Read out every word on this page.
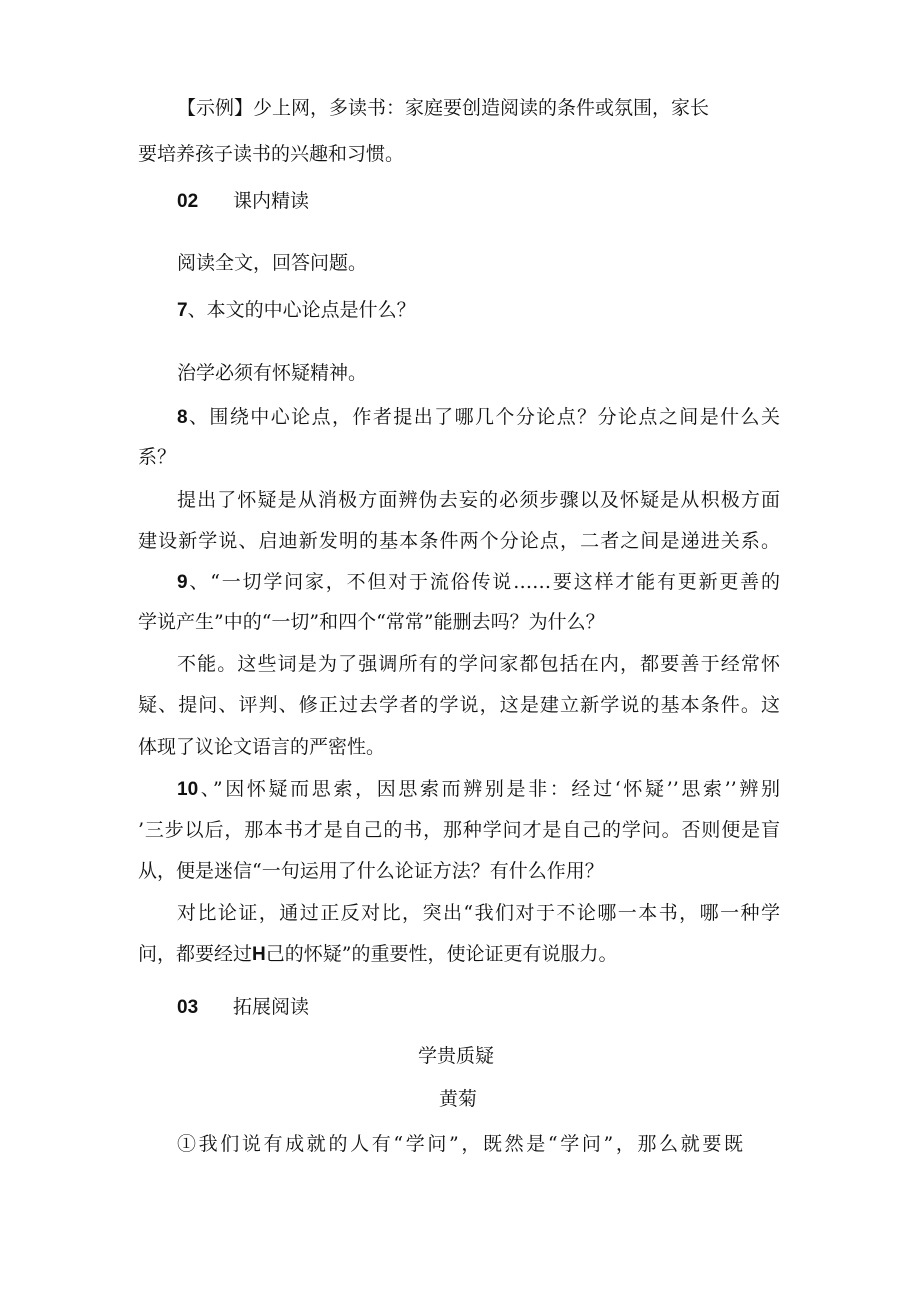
【示例】少上网，多读书：家庭要创造阅读的条件或氛围，家长
要培养孩子读书的兴趣和习惯。
02 课内精读
阅读全文，回答问题。
7、本文的中心论点是什么？
治学必须有怀疑精神。
8、围绕中心论点，作者提出了哪几个分论点？分论点之间是什么关
系？
提出了怀疑是从消极方面辨伪去妄的必须步骤以及怀疑是从枳极方面
建设新学说、启迪新发明的基本条件两个分论点，二者之间是递进关系。
9、“一切学问家，不但对于流俗传说……要这样才能有更新更善的
学说产生”中的“一切”和四个“常常”能删去吗？为什么？
不能。这些词是为了强调所有的学问家都包括在内，都要善于经常怀
疑、提问、评判、修正过去学者的学说，这是建立新学说的基本条件。这
体现了议论文语言的严密性。
10、”因怀疑而思索，因思索而辨别是非：经过‘怀疑’’思索’’辨别
’三步以后，那本书才是自己的书，那种学问才是自己的学问。否则便是盲
从，便是迷信“一句运用了什么论证方法？有什么作用？
对比论证，通过正反对比，突出“我们对于不论哪一本书，哪一种学
问，都要经过H己的怀疑”的重要性，使论证更有说服力。
03 拓展阅读
学贵质疑
黄菊
①我们说有成就的人有“学问”，既然是“学问”，那么就要既
